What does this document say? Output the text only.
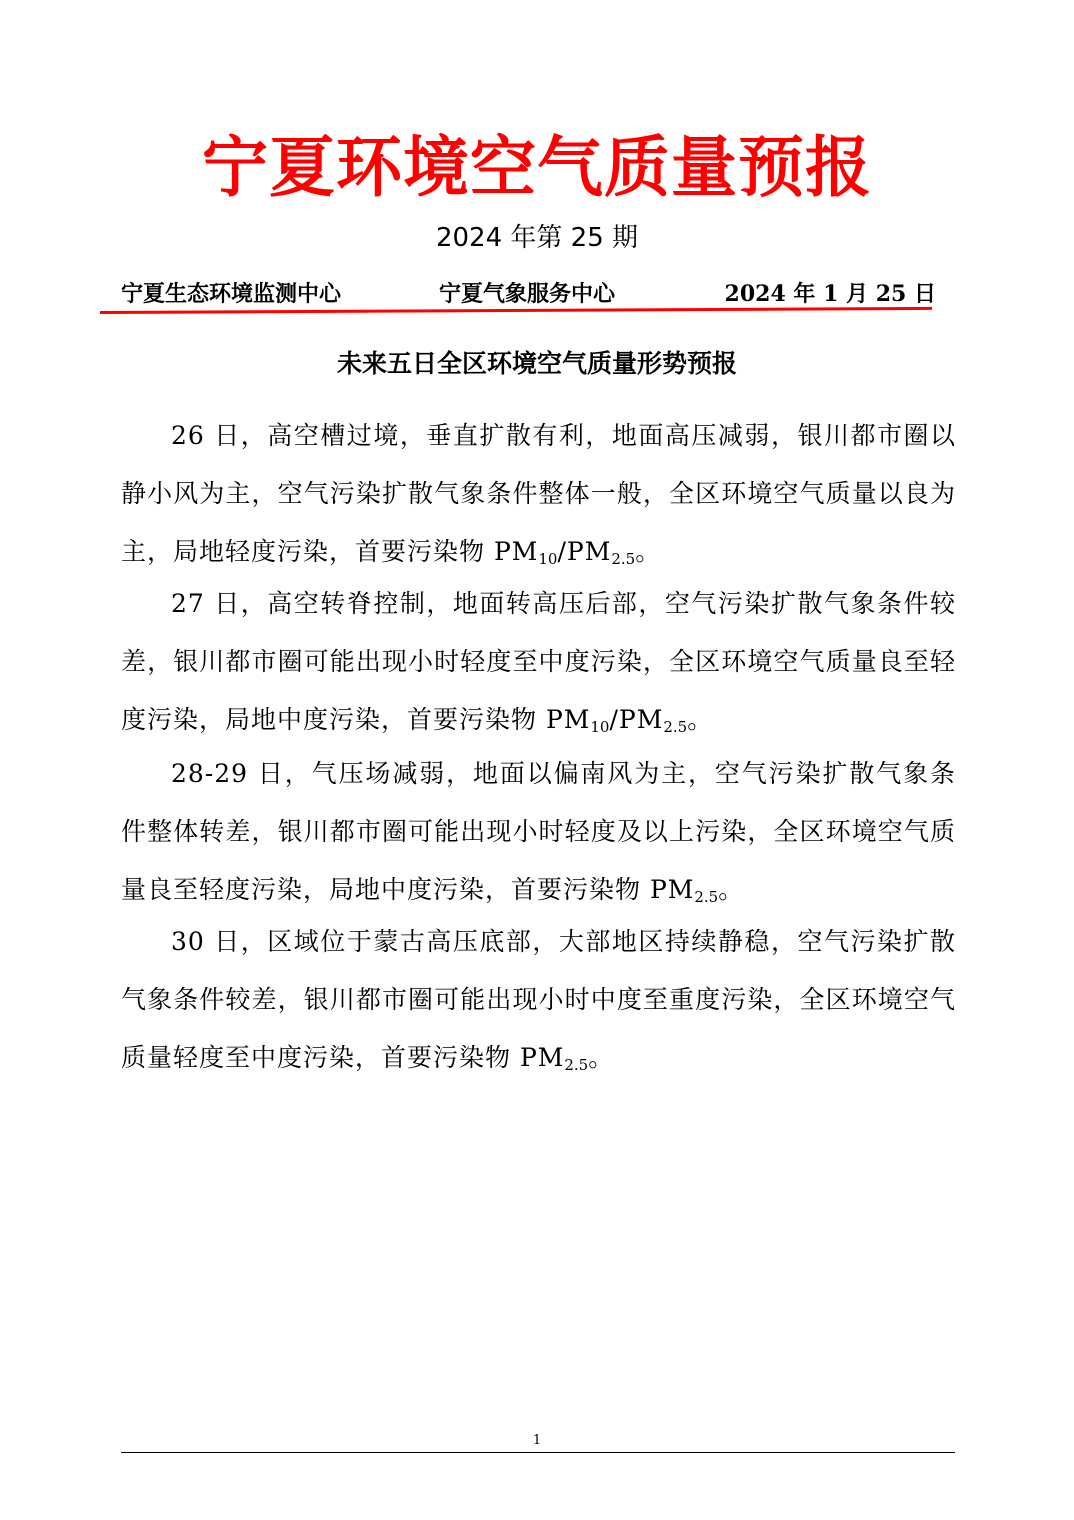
宁夏环境空气质量预报
2024 年第 25 期
宁夏生态环境监测中心	宁夏气象服务中心	2024 年 1 月 25 日
未来五日全区环境空气质量形势预报

26 日，高空槽过境，垂直扩散有利，地面高压减弱，银川都市圈以静小风为主，空气污染扩散气象条件整体一般，全区环境空气质量以良为主，局地轻度污染，首要污染物 $PM_{10}/PM_{2.5}$。

27 日，高空转脊控制，地面转高压后部，空气污染扩散气象条件较差，银川都市圈可能出现小时轻度至中度污染，全区环境空气质量良至轻度污染，局地中度污染，首要污染物 $PM_{10}/PM_{2.5}$。

28-29 日，气压场减弱，地面以偏南风为主，空气污染扩散气象条件整体转差，银川都市圈可能出现小时轻度及以上污染，全区环境空气质量良至轻度污染，局地中度污染，首要污染物 $PM_{2.5}$。

30 日，区域位于蒙古高压底部，大部地区持续静稳，空气污染扩散气象条件较差，银川都市圈可能出现小时中度至重度污染，全区环境空气质量轻度至中度污染，首要污染物 $PM_{2.5}$。

1
